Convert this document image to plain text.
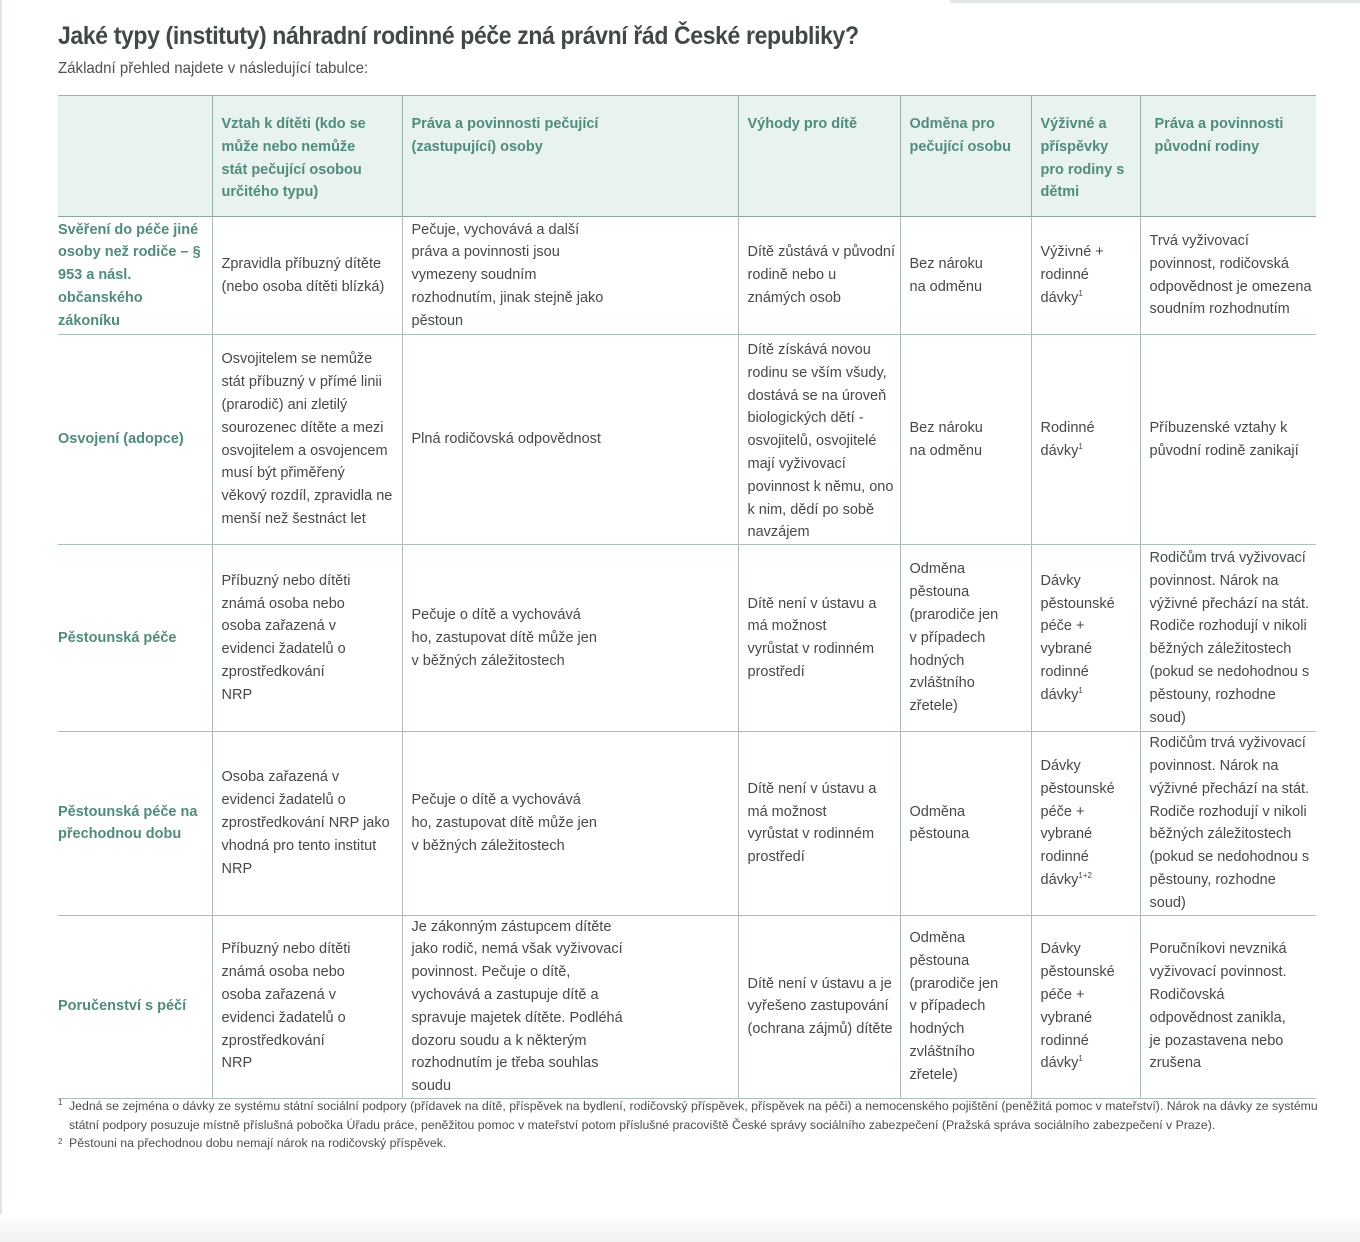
Jaké typy (instituty) náhradní rodinné péče zná právní řád České republiky?
Základní přehled najdete v následující tabulce:

	Vztah k dítěti (kdo se může nebo nemůže stát pečující osobou určitého typu)	Práva a povinnosti pečující (zastupující) osoby	Výhody pro dítě	Odměna pro pečující osobu	Výživné a příspěvky pro rodiny s dětmi	Práva a povinnosti původní rodiny

Svěření do péče jiné osoby než rodiče – § 953 a násl. občanského zákoníku	Zpravidla příbuzný dítěte (nebo osoba dítěti blízká)	Pečuje, vychovává a další práva a povinnosti jsou vymezeny soudním rozhodnutím, jinak stejně jako pěstoun	Dítě zůstává v původní rodině nebo u známých osob	Bez nároku na odměnu	Výživné + rodinné dávky$^1$	Trvá vyživovací povinnost, rodičovská odpovědnost je omezena soudním rozhodnutím

Osvojení (adopce)	Osvojitelem se nemůže stát příbuzný v přímé linii (prarodič) ani zletilý sourozenec dítěte a mezi osvojitelem a osvojencem musí být přiměřený věkový rozdíl, zpravidla ne menší než šestnáct let	Plná rodičovská odpovědnost	Dítě získává novou rodinu se vším všudy, dostává se na úroveň biologických dětí - osvojitelů, osvojitelé mají vyživovací povinnost k němu, ono k nim, dědí po sobě navzájem	Bez nároku na odměnu	Rodinné dávky$^1$	Příbuzenské vztahy k původní rodině zanikají

Pěstounská péče	Příbuzný nebo dítěti známá osoba nebo osoba zařazená v evidenci žadatelů o zprostředkování NRP	Pečuje o dítě a vychovává ho, zastupovat dítě může jen v běžných záležitostech	Dítě není v ústavu a má možnost vyrůstat v rodinném prostředí	Odměna pěstouna (prarodiče jen v případech hodných zvláštního zřetele)	Dávky pěstounské péče + vybrané rodinné dávky$^1$	Rodičům trvá vyživovací povinnost. Nárok na výživné přechází na stát. Rodiče rozhodují v nikoli běžných záležitostech (pokud se nedohodnou s pěstouny, rozhodne soud)

Pěstounská péče na přechodnou dobu	Osoba zařazená v evidenci žadatelů o zprostředkování NRP jako vhodná pro tento institut NRP	Pečuje o dítě a vychovává ho, zastupovat dítě může jen v běžných záležitostech	Dítě není v ústavu a má možnost vyrůstat v rodinném prostředí	Odměna pěstouna	Dávky pěstounské péče + vybrané rodinné dávky$^{1+2}$	Rodičům trvá vyživovací povinnost. Nárok na výživné přechází na stát. Rodiče rozhodují v nikoli běžných záležitostech (pokud se nedohodnou s pěstouny, rozhodne soud)

Poručenství s péčí	Příbuzný nebo dítěti známá osoba nebo osoba zařazená v evidenci žadatelů o zprostředkování NRP	Je zákonným zástupcem dítěte jako rodič, nemá však vyživovací povinnost. Pečuje o dítě, vychovává a zastupuje dítě a spravuje majetek dítěte. Podléhá dozoru soudu a k některým rozhodnutím je třeba souhlas soudu	Dítě není v ústavu a je vyřešeno zastupování (ochrana zájmů) dítěte	Odměna pěstouna (prarodiče jen v případech hodných zvláštního zřetele)	Dávky pěstounské péče + vybrané rodinné dávky$^1$	Poručníkovi nevzniká vyživovací povinnost. Rodičovská odpovědnost zanikla, je pozastavena nebo zrušena
1 Jedná se zejména o dávky ze systému státní sociální podpory (přídavek na dítě, příspěvek na bydlení, rodičovský příspěvek, příspěvek na péči) a nemocenského pojištění (peněžitá pomoc v mateřství). Nárok na dávky ze systému státní podpory posuzuje místně příslušná pobočka Úřadu práce, peněžitou pomoc v mateřství potom příslušné pracoviště České správy sociálního zabezpečení (Pražská správa sociálního zabezpečení v Praze).
2 Pěstouni na přechodnou dobu nemají nárok na rodičovský příspěvek.
